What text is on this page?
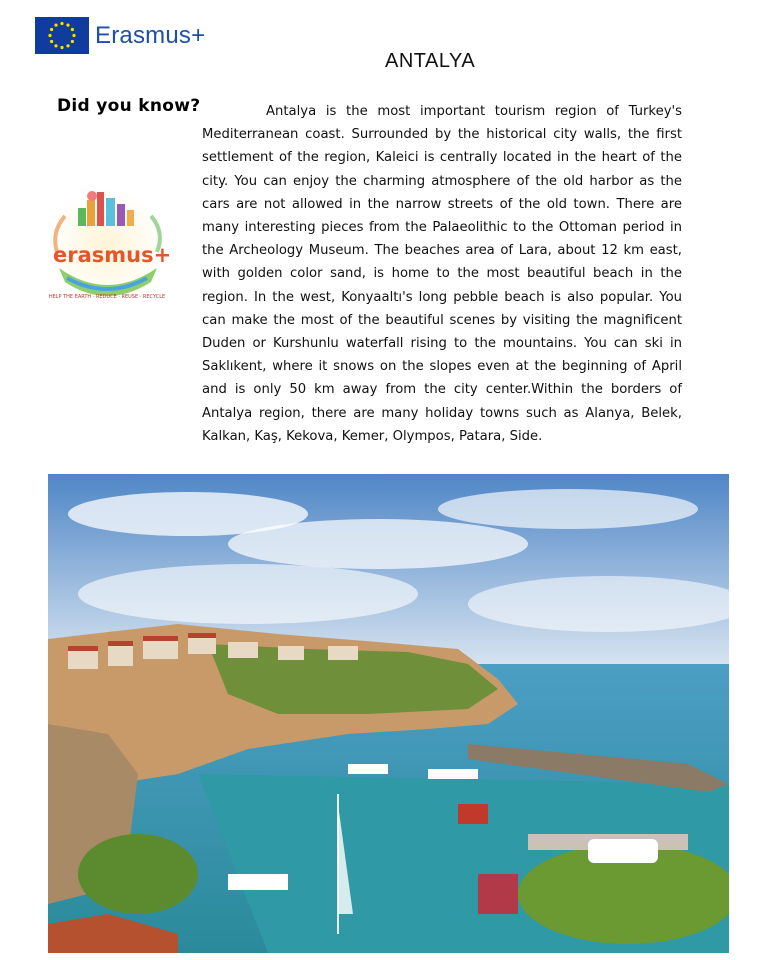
Erasmus+
ANTALYA
Did you know?
erasmus+
HELP THE EARTH · REDUCE · REUSE · RECYCLE

Antalya is the most important tourism region of Turkey's Mediterranean coast. Surrounded by the historical city walls, the first settlement of the region, Kaleici is centrally located in the heart of the city. You can enjoy the charming atmosphere of the old harbor as the cars are not allowed in the narrow streets of the old town. There are many interesting pieces from the Palaeolithic to the Ottoman period in the Archeology Museum. The beaches area of Lara, about 12 km east, with golden color sand, is home to the most beautiful beach in the region. In the west, Konyaaltı's long pebble beach is also popular. You can make the most of the beautiful scenes by visiting the magnificent Duden or Kurshunlu waterfall rising to the mountains. You can ski in Saklıkent, where it snows on the slopes even at the beginning of April and is only 50 km away from the city center.Within the borders of Antalya region, there are many holiday towns such as Alanya, Belek, Kalkan, Kaş, Kekova, Kemer, Olympos, Patara, Side.
